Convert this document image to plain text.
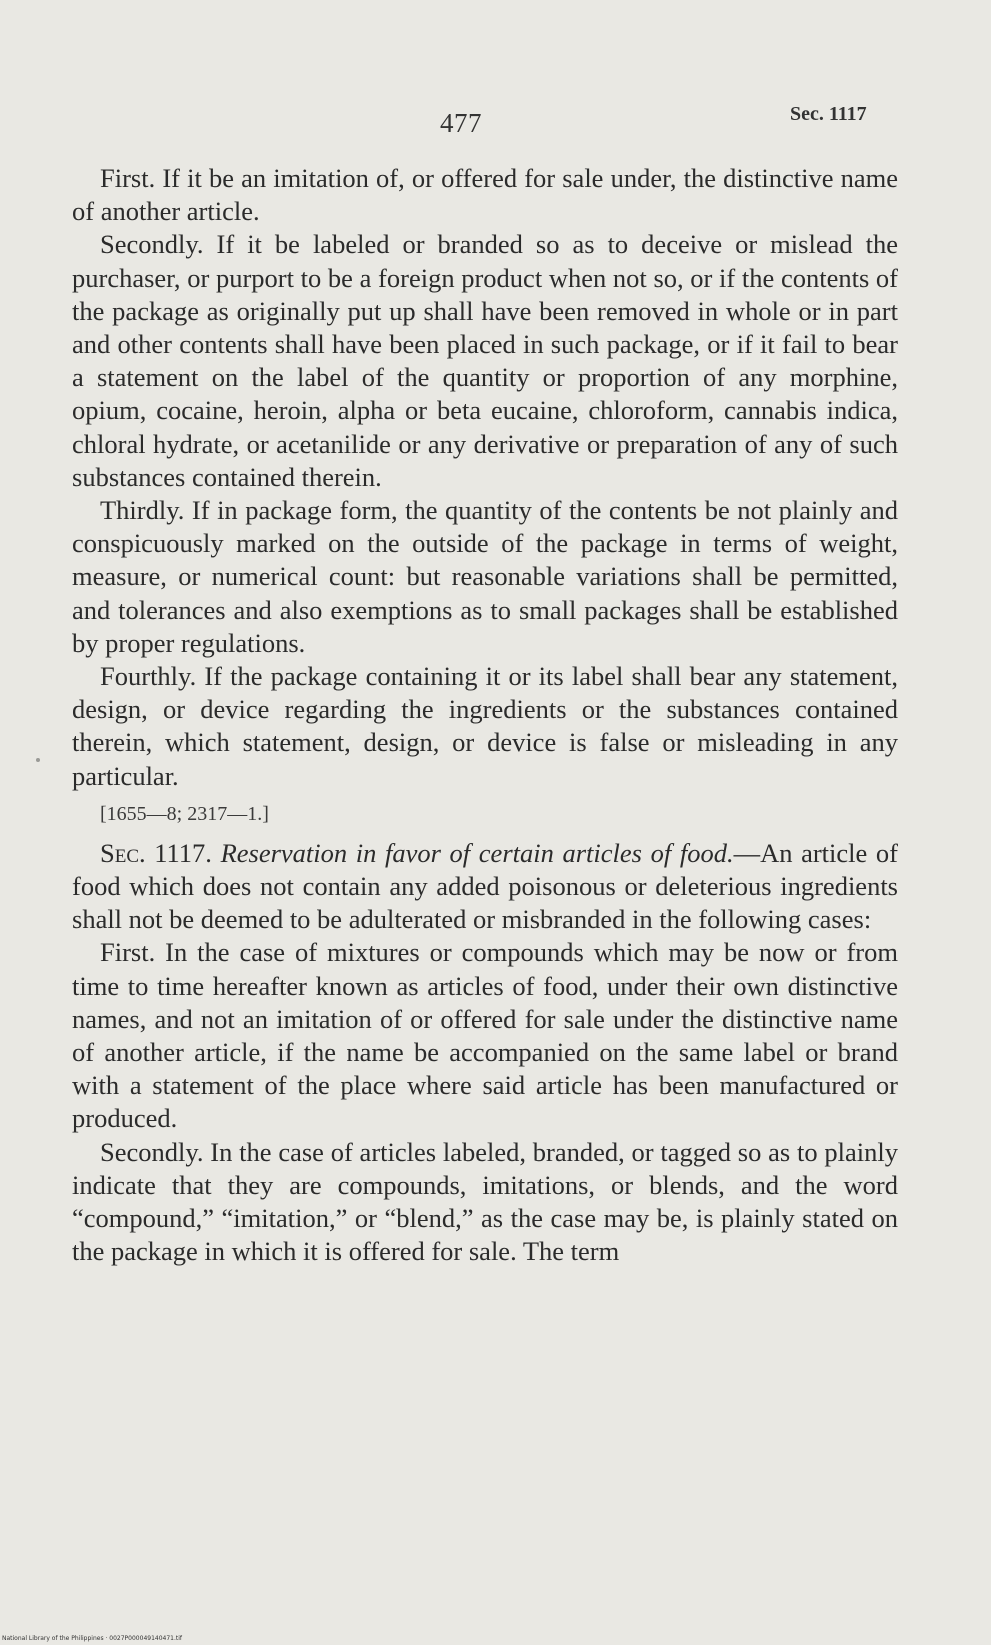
477	Sec. 1117

First. If it be an imitation of, or offered for sale under, the distinctive name of another article.

Secondly. If it be labeled or branded so as to deceive or mislead the purchaser, or purport to be a foreign product when not so, or if the contents of the package as originally put up shall have been removed in whole or in part and other contents shall have been placed in such package, or if it fail to bear a statement on the label of the quantity or proportion of any morphine, opium, cocaine, heroin, alpha or beta eucaine, chloroform, cannabis indica, chloral hydrate, or acetanilide or any derivative or preparation of any of such substances contained therein.

Thirdly. If in package form, the quantity of the contents be not plainly and conspicuously marked on the outside of the package in terms of weight, measure, or numerical count: but reasonable variations shall be permitted, and tolerances and also exemptions as to small packages shall be established by proper regulations.

Fourthly. If the package containing it or its label shall bear any statement, design, or device regarding the ingredients or the substances contained therein, which statement, design, or device is false or misleading in any particular.

[1655—8; 2317—1.]

Sec. 1117. Reservation in favor of certain articles of food.—An article of food which does not contain any added poisonous or deleterious ingredients shall not be deemed to be adulterated or misbranded in the following cases:

First. In the case of mixtures or compounds which may be now or from time to time hereafter known as articles of food, under their own distinctive names, and not an imitation of or offered for sale under the distinctive name of another article, if the name be accompanied on the same label or brand with a statement of the place where said article has been manufactured or produced.

Secondly. In the case of articles labeled, branded, or tagged so as to plainly indicate that they are compounds, imitations, or blends, and the word “compound,” “imitation,” or “blend,” as the case may be, is plainly stated on the package in which it is offered for sale. The term

National Library of the Philippines · 0027P000049140471.tif
